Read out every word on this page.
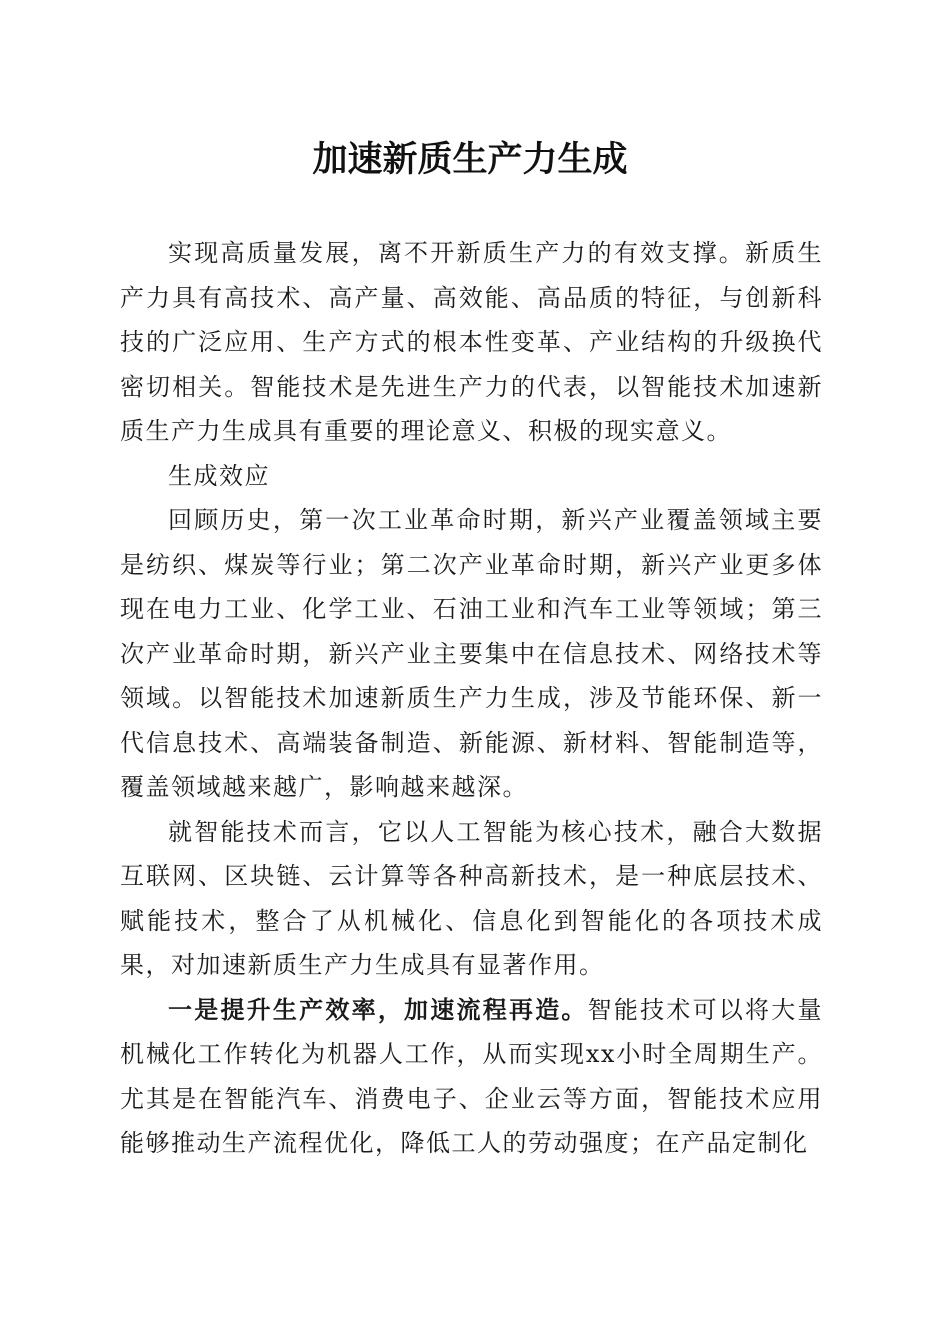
加速新质生产力生成

实现高质量发展，离不开新质生产力的有效支撑。新质生产力具有高技术、高产量、高效能、高品质的特征，与创新科技的广泛应用、生产方式的根本性变革、产业结构的升级换代密切相关。智能技术是先进生产力的代表，以智能技术加速新质生产力生成具有重要的理论意义、积极的现实意义。

生成效应

回顾历史，第一次工业革命时期，新兴产业覆盖领域主要是纺织、煤炭等行业；第二次产业革命时期，新兴产业更多体现在电力工业、化学工业、石油工业和汽车工业等领域；第三次产业革命时期，新兴产业主要集中在信息技术、网络技术等领域。以智能技术加速新质生产力生成，涉及节能环保、新一代信息技术、高端装备制造、新能源、新材料、智能制造等，覆盖领域越来越广，影响越来越深。

就智能技术而言，它以人工智能为核心技术，融合大数据互联网、区块链、云计算等各种高新技术，是一种底层技术、赋能技术，整合了从机械化、信息化到智能化的各项技术成果，对加速新质生产力生成具有显著作用。

一是提升生产效率，加速流程再造。智能技术可以将大量机械化工作转化为机器人工作，从而实现xx小时全周期生产。尤其是在智能汽车、消费电子、企业云等方面，智能技术应用能够推动生产流程优化，降低工人的劳动强度；在产品定制化
